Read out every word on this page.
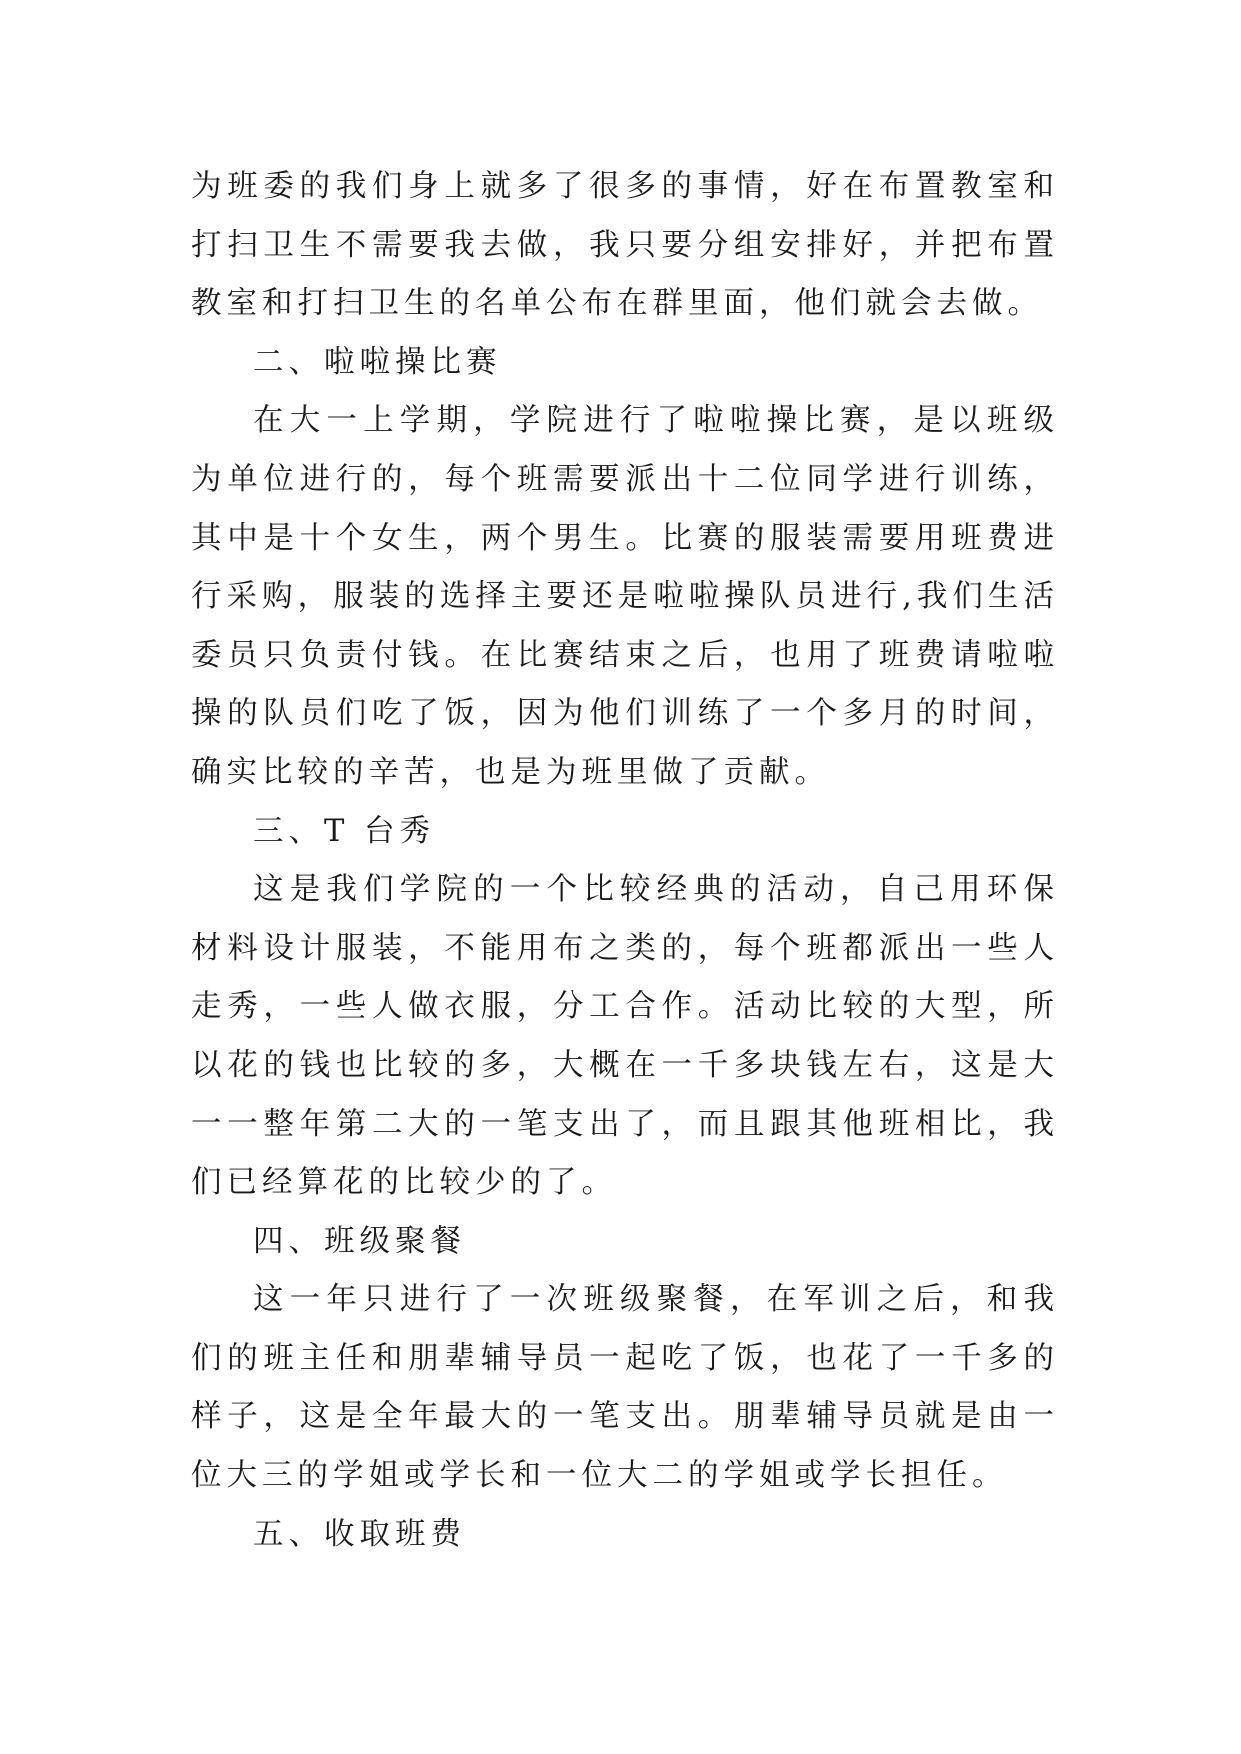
为班委的我们身上就多了很多的事情，好在布置教室和打扫卫生不需要我去做，我只要分组安排好，并把布置教室和打扫卫生的名单公布在群里面，他们就会去做。

二、啦啦操比赛

在大一上学期，学院进行了啦啦操比赛，是以班级为单位进行的，每个班需要派出十二位同学进行训练，其中是十个女生，两个男生。比赛的服装需要用班费进行采购，服装的选择主要还是啦啦操队员进行,我们生活委员只负责付钱。在比赛结束之后，也用了班费请啦啦操的队员们吃了饭，因为他们训练了一个多月的时间，确实比较的辛苦，也是为班里做了贡献。

三、T 台秀

这是我们学院的一个比较经典的活动，自己用环保材料设计服装，不能用布之类的，每个班都派出一些人走秀，一些人做衣服，分工合作。活动比较的大型，所以花的钱也比较的多，大概在一千多块钱左右，这是大一一整年第二大的一笔支出了，而且跟其他班相比，我们已经算花的比较少的了。

四、班级聚餐

这一年只进行了一次班级聚餐，在军训之后，和我们的班主任和朋辈辅导员一起吃了饭，也花了一千多的样子，这是全年最大的一笔支出。朋辈辅导员就是由一位大三的学姐或学长和一位大二的学姐或学长担任。

五、收取班费
